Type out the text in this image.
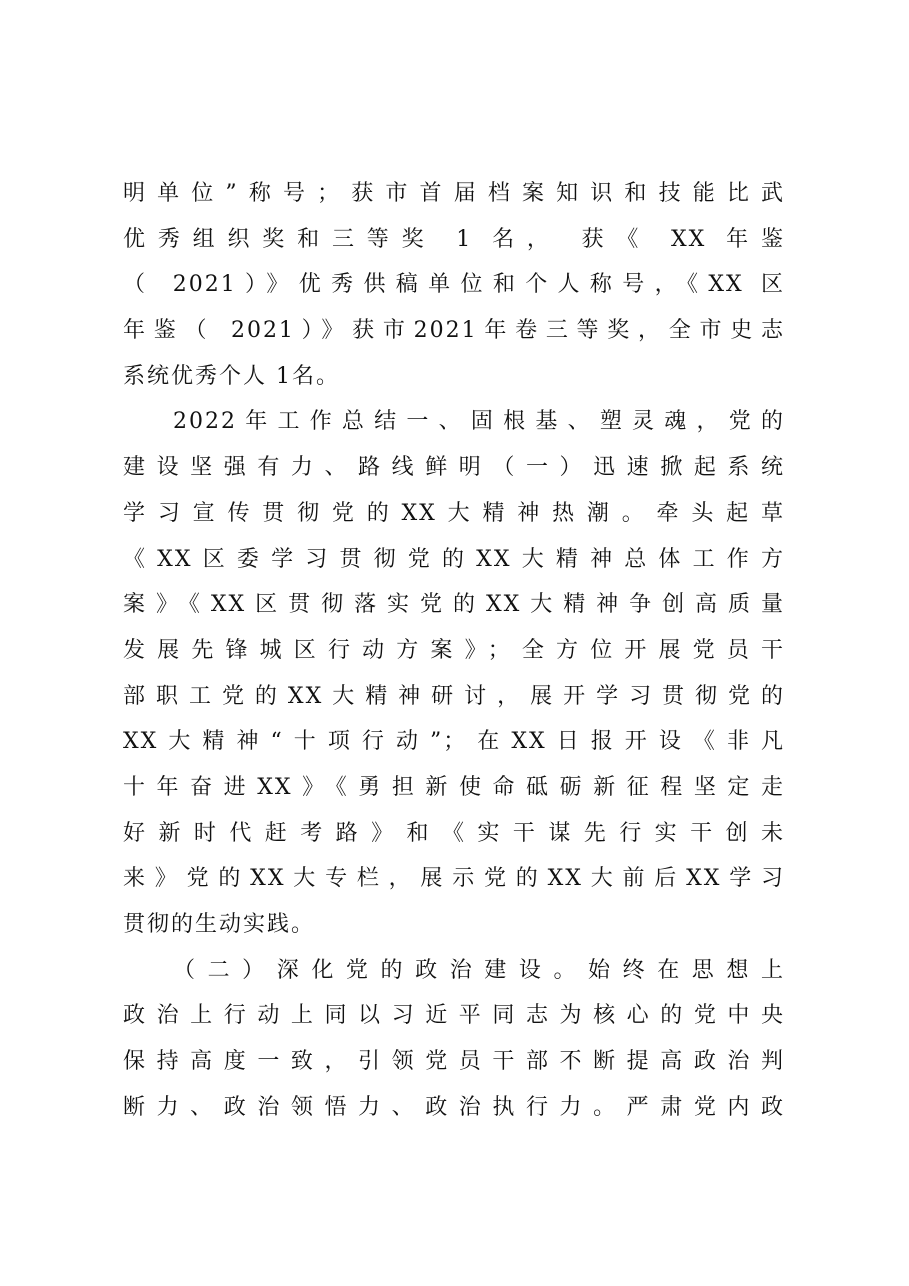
明单位”称号；获市首届档案知识和技能比武
优秀组织奖和三等奖 1 名， 获《 XX 年鉴
（ 2021）》优秀供稿单位和个人称号，《XX 区
年鉴（ 2021）》获市2021年卷三等奖，全市史志
系统优秀个人 1名。
2022年工作总结一、固根基、塑灵魂，党的
建设坚强有力、路线鲜明（一）迅速掀起系统
学习宣传贯彻党的XX大精神热潮。牵头起草
《XX区委学习贯彻党的XX大精神总体工作方
案》《XX区贯彻落实党的XX大精神争创高质量
发展先锋城区行动方案》；全方位开展党员干
部职工党的XX大精神研讨，展开学习贯彻党的
XX大精神“十项行动”；在XX日报开设《非凡
十年奋进XX》《勇担新使命砥砺新征程坚定走
好新时代赶考路》和《实干谋先行实干创未
来》党的XX大专栏，展示党的XX大前后XX学习
贯彻的生动实践。
（二）深化党的政治建设。始终在思想上
政治上行动上同以习近平同志为核心的党中央
保持高度一致，引领党员干部不断提高政治判
断力、政治领悟力、政治执行力。严肃党内政
